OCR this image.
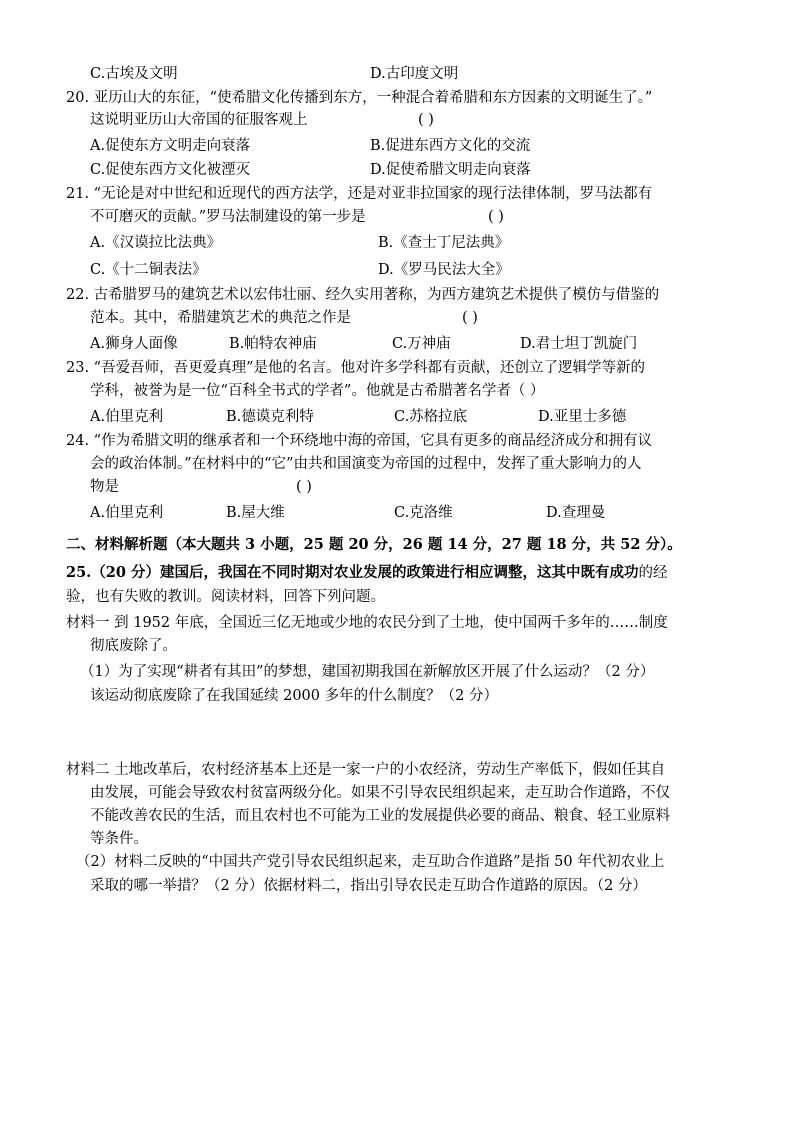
C.古埃及文明	D.古印度文明
20. 亚历山大的东征，“使希腊文化传播到东方，一种混合着希腊和东方因素的文明诞生了。”
这说明亚历山大帝国的征服客观上	( )
A.促使东方文明走向衰落	B.促进东西方文化的交流
C.促使东西方文化被湮灭	D.促使希腊文明走向衰落
21. “无论是对中世纪和近现代的西方法学，还是对亚非拉国家的现行法律体制，罗马法都有
不可磨灭的贡献。”罗马法制建设的第一步是	( )
A.《汉谟拉比法典》	B.《查士丁尼法典》
C.《十二铜表法》	D.《罗马民法大全》
22. 古希腊罗马的建筑艺术以宏伟壮丽、经久实用著称，为西方建筑艺术提供了模仿与借鉴的
范本。其中，希腊建筑艺术的典范之作是	( )
A.狮身人面像	B.帕特农神庙	C.万神庙	D.君士坦丁凯旋门
23. “吾爱吾师，吾更爱真理”是他的名言。他对许多学科都有贡献，还创立了逻辑学等新的
学科，被誉为是一位“百科全书式的学者”。他就是古希腊著名学者（ ）
A.伯里克利	B.德谟克利特	C.苏格拉底	D.亚里士多德
24. “作为希腊文明的继承者和一个环绕地中海的帝国，它具有更多的商品经济成分和拥有议
会的政治体制。”在材料中的“它”由共和国演变为帝国的过程中，发挥了重大影响力的人
物是	( )
A.伯里克利	B.屋大维	C.克洛维	D.查理曼
二、材料解析题（本大题共 3 小题，25 题 20 分，26 题 14 分，27 题 18 分，共 52 分）。
25.（20 分）建国后，我国在不同时期对农业发展的政策进行相应调整，这其中既有成功的经
验，也有失败的教训。阅读材料，回答下列问题。
材料一 到 1952 年底，全国近三亿无地或少地的农民分到了土地，使中国两千多年的……制度
彻底废除了。
（1）为了实现“耕者有其田”的梦想，建国初期我国在新解放区开展了什么运动？（2 分）
该运动彻底废除了在我国延续 2000 多年的什么制度？（2 分）
材料二 土地改革后，农村经济基本上还是一家一户的小农经济，劳动生产率低下，假如任其自
由发展，可能会导致农村贫富两级分化。如果不引导农民组织起来，走互助合作道路，不仅
不能改善农民的生活，而且农村也不可能为工业的发展提供必要的商品、粮食、轻工业原料
等条件。
（2）材料二反映的“中国共产党引导农民组织起来，走互助合作道路”是指 50 年代初农业上
采取的哪一举措？（2 分）依据材料二，指出引导农民走互助合作道路的原因。（2 分）
